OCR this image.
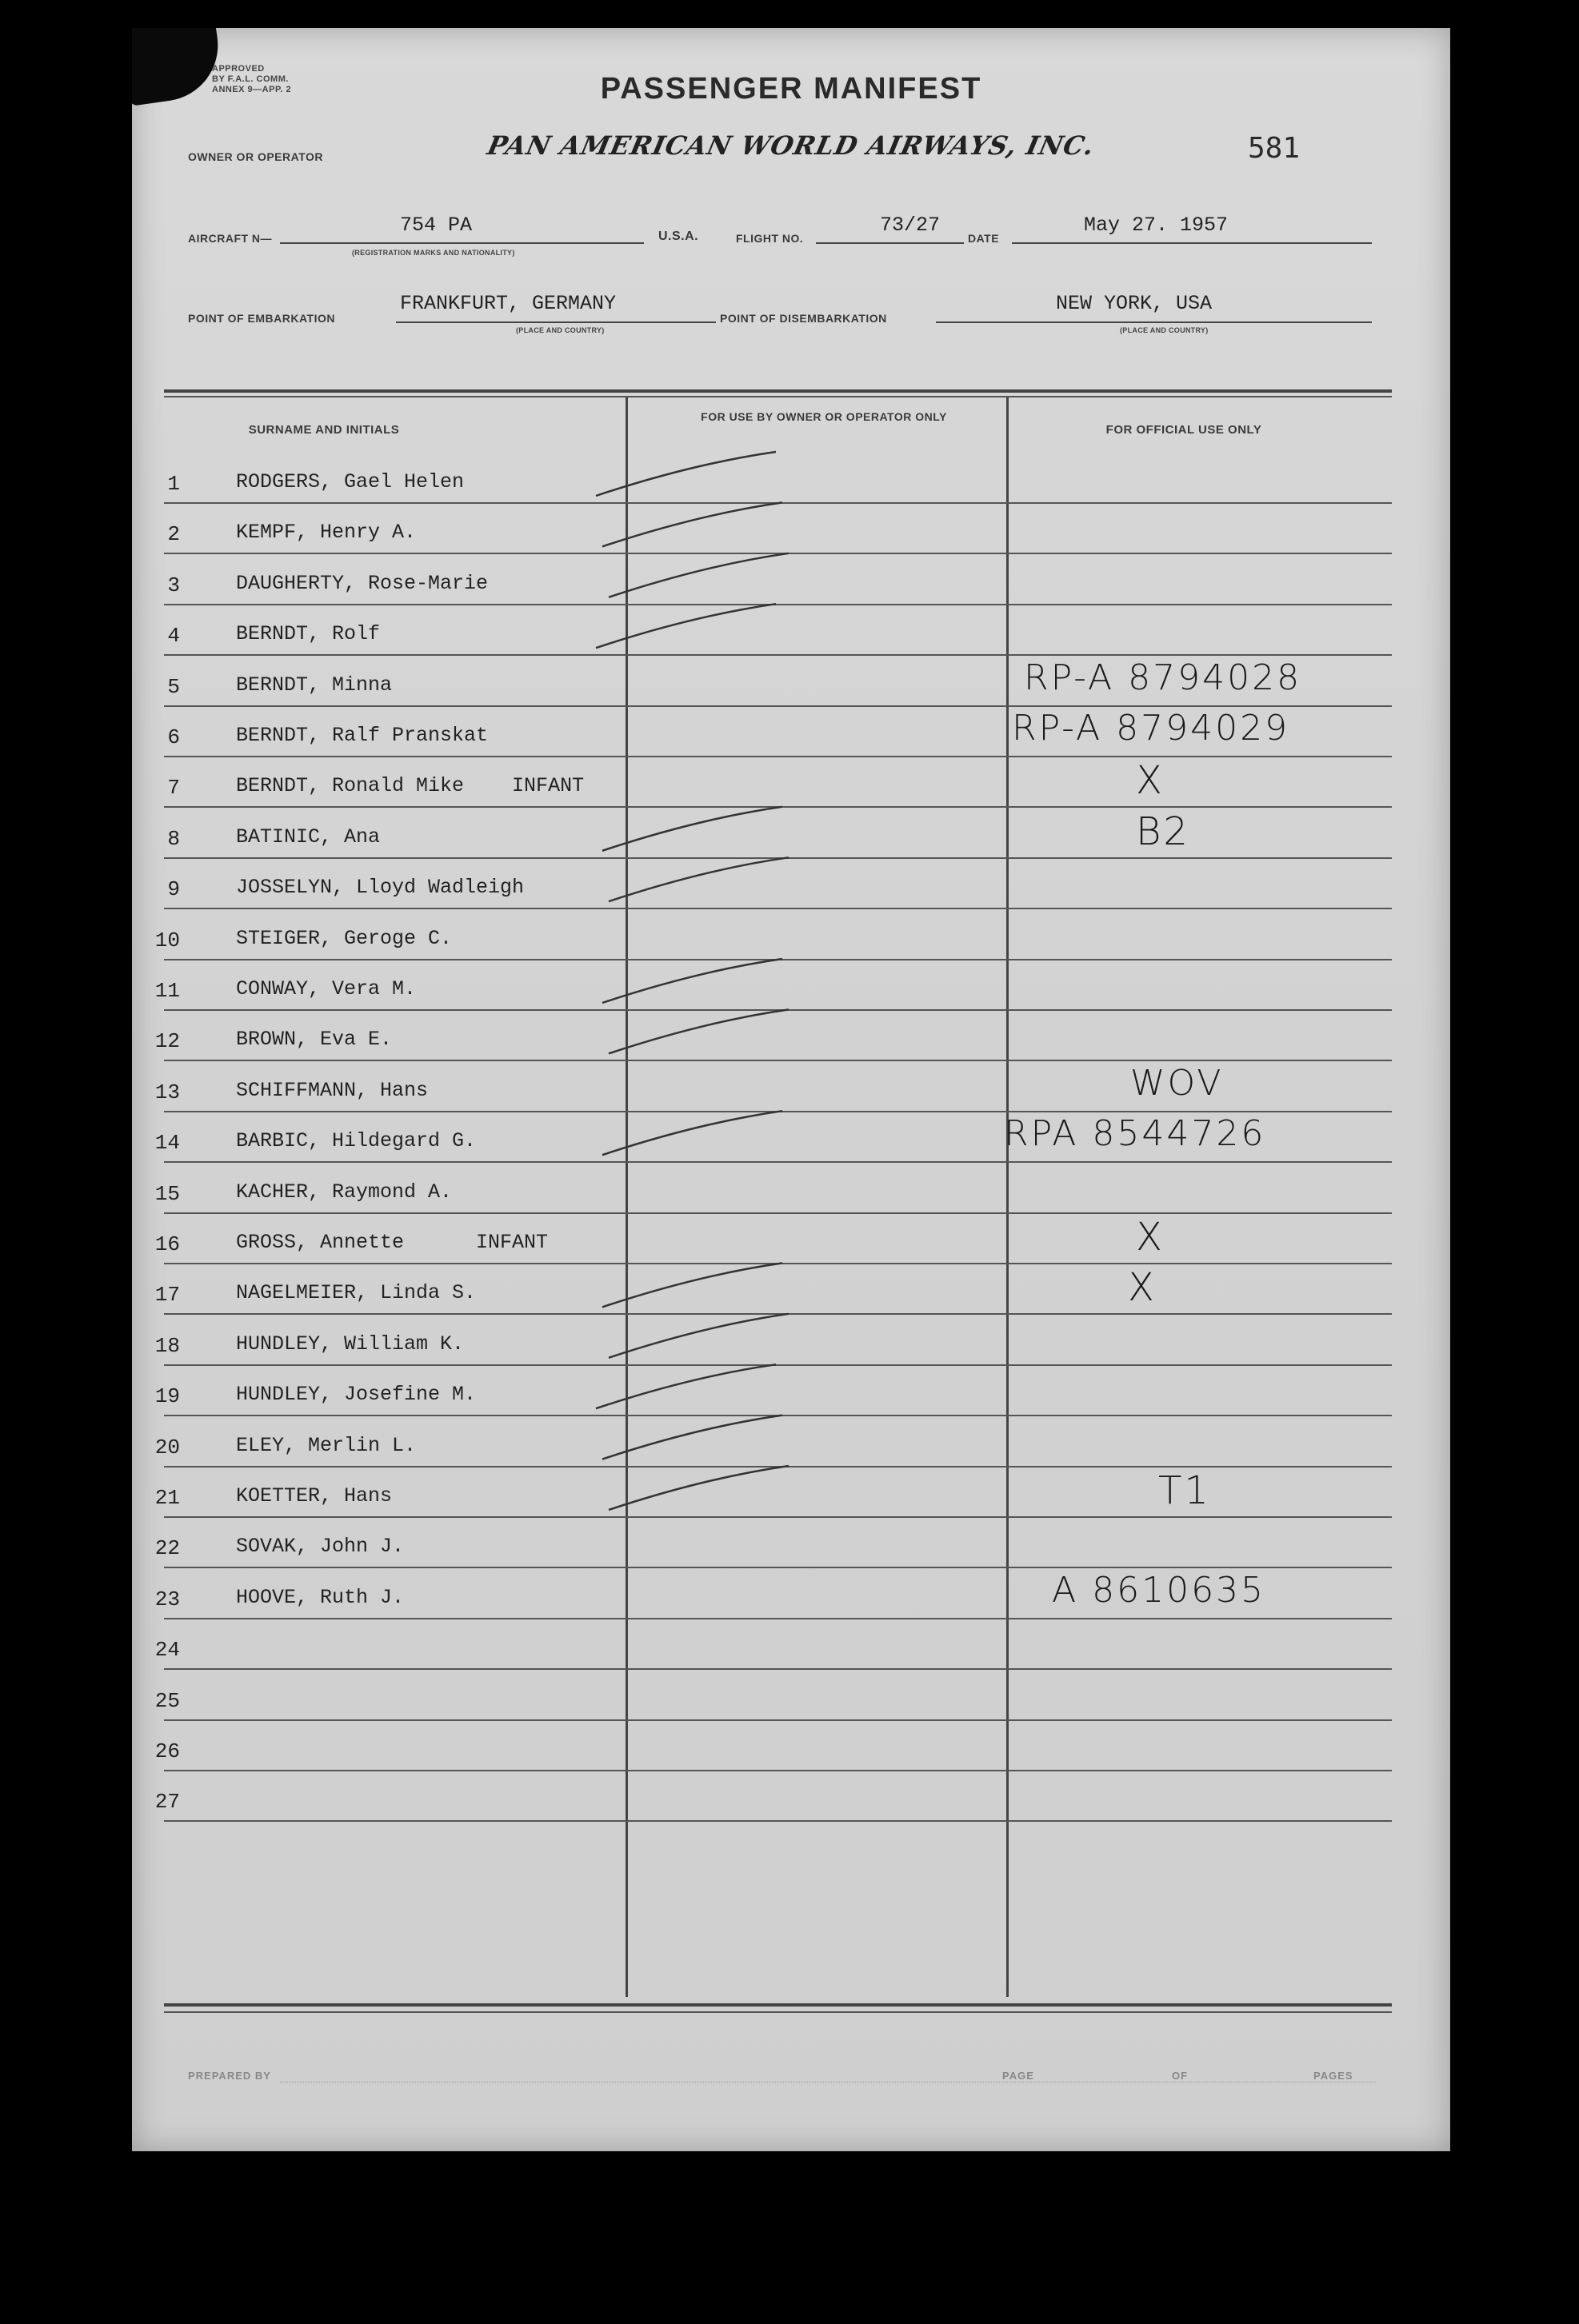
APPROVED
BY F.A.L. COMM.
ANNEX 9—APP. 2	PASSENGER MANIFEST
OWNER OR OPERATOR	PAN AMERICAN WORLD AIRWAYS, INC.	581
AIRCRAFT N—
754 PA
(REGISTRATION MARKS AND NATIONALITY)
U.S.A.	FLIGHT NO.
73/27
DATE
May 27. 1957
POINT OF EMBARKATION
FRANKFURT, GERMANY
(PLACE AND COUNTRY)
POINT OF DISEMBARKATION
NEW YORK, USA
(PLACE AND COUNTRY)
SURNAME AND INITIALS
FOR USE BY OWNER OR OPERATOR ONLY
FOR OFFICIAL USE ONLY
1	RODGERS, Gael Helen
2	KEMPF, Henry A.
3	DAUGHERTY, Rose-Marie
4	BERNDT, Rolf
5	BERNDT, Minna	RP-A 8794028
6	BERNDT, Ralf Pranskat	RP-A 8794029
7	BERNDT, Ronald Mike    INFANT	X
8	BATINIC, Ana	B2
9	JOSSELYN, Lloyd Wadleigh
10	STEIGER, Geroge C.
11	CONWAY, Vera M.
12	BROWN, Eva E.
13	SCHIFFMANN, Hans	WOV
14	BARBIC, Hildegard G.	RPA 8544726
15	KACHER, Raymond A.
16	GROSS, Annette      INFANT	X
17	NAGELMEIER, Linda S.	X
18	HUNDLEY, William K.
19	HUNDLEY, Josefine M.
20	ELEY, Merlin L.
21	KOETTER, Hans	T1
22	SOVAK, John J.
23	HOOVE, Ruth J.	A 8610635
24
25
26
27
PREPARED BY	PAGE	OF	PAGES
